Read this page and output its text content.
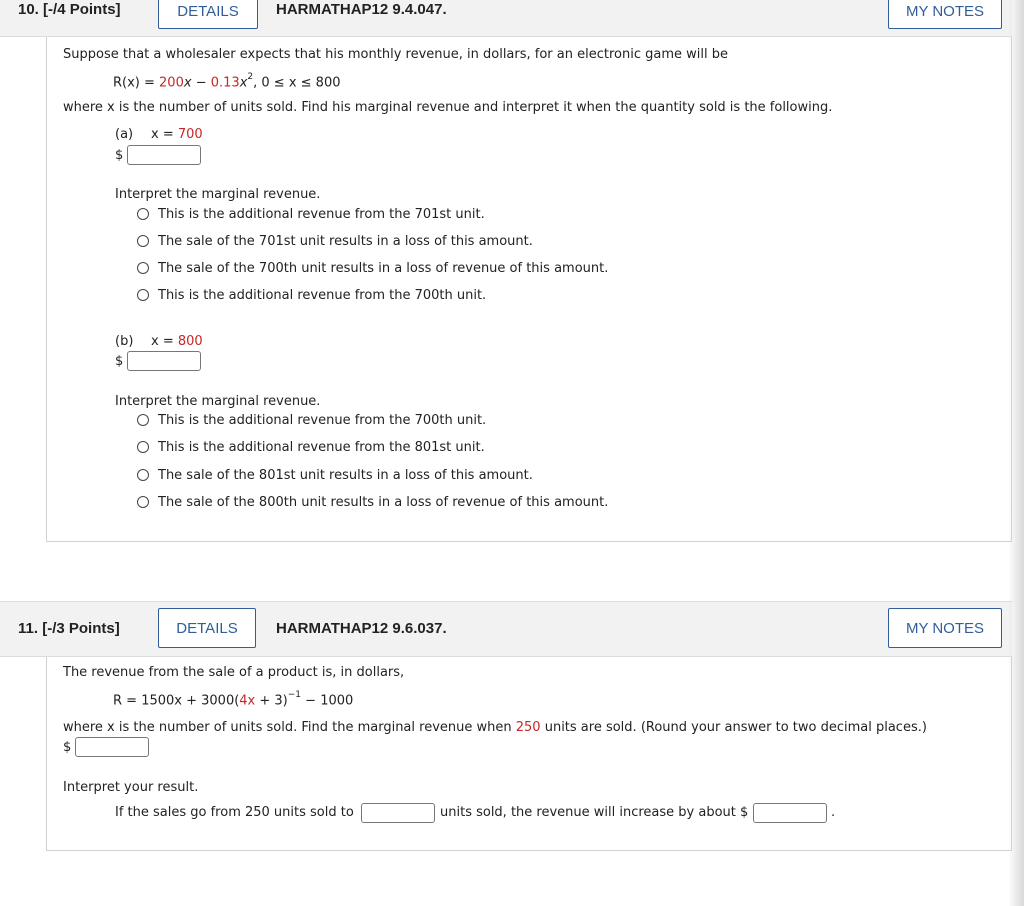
10. [-/4 Points]	DETAILS	HARMATHAP12 9.4.047.	MY NOTES
Suppose that a wholesaler expects that his monthly revenue, in dollars, for an electronic game will be
$R(x) = 200x - 0.13x^2$, 0 ≤ x ≤ 800
where x is the number of units sold. Find his marginal revenue and interpret it when the quantity sold is the following.
(a) x = 700
$
Interpret the marginal revenue.
This is the additional revenue from the 701st unit.
The sale of the 701st unit results in a loss of this amount.
The sale of the 700th unit results in a loss of revenue of this amount.
This is the additional revenue from the 700th unit.
(b) x = 800
$
Interpret the marginal revenue.
This is the additional revenue from the 700th unit.
This is the additional revenue from the 801st unit.
The sale of the 801st unit results in a loss of this amount.
The sale of the 800th unit results in a loss of revenue of this amount.
11. [-/3 Points]	DETAILS	HARMATHAP12 9.6.037.	MY NOTES
The revenue from the sale of a product is, in dollars,
$R = 1500x + 3000(4x + 3)^{-1} - 1000$
where x is the number of units sold. Find the marginal revenue when 250 units are sold. (Round your answer to two decimal places.)
$
Interpret your result.
If the sales go from 250 units sold to	units sold, the revenue will increase by about $	.
